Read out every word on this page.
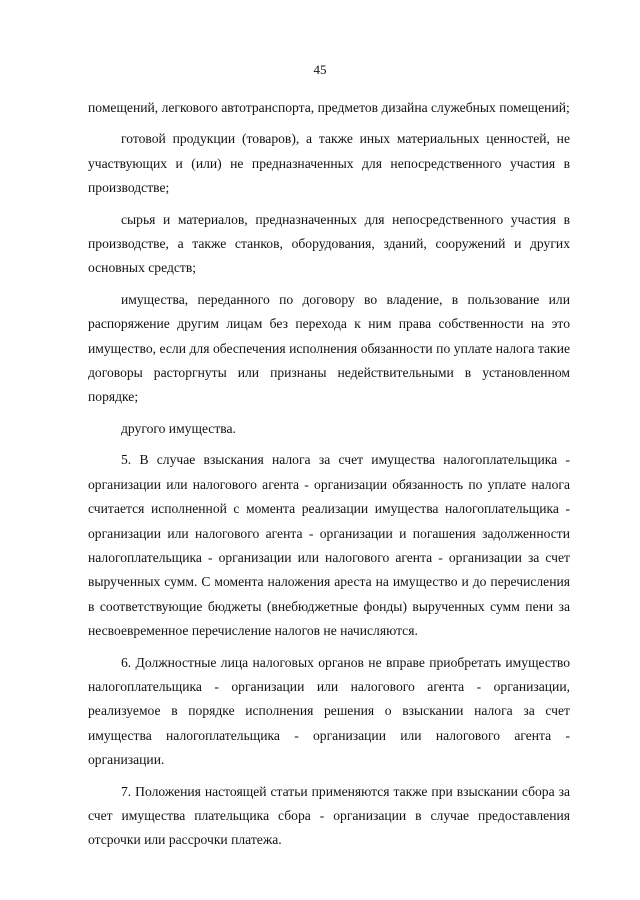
45

помещений, легкового автотранспорта, предметов дизайна служебных помещений;

готовой продукции (товаров), а также иных материальных ценностей, не участвующих и (или) не предназначенных для непосредственного участия в производстве;

сырья и материалов, предназначенных для непосредственного участия в производстве, а также станков, оборудования, зданий, сооружений и других основных средств;

имущества, переданного по договору во владение, в пользование или распоряжение другим лицам без перехода к ним права собственности на это имущество, если для обеспечения исполнения обязанности по уплате налога такие договоры расторгнуты или признаны недействительными в установленном порядке;

другого имущества.

5. В случае взыскания налога за счет имущества налогоплательщика - организации или налогового агента - организации обязанность по уплате налога считается исполненной с момента реализации имущества налогоплательщика - организации или налогового агента - организации и погашения задолженности налогоплательщика - организации или налогового агента - организации за счет вырученных сумм. С момента наложения ареста на имущество и до перечисления в соответствующие бюджеты (внебюджетные фонды) вырученных сумм пени за несвоевременное перечисление налогов не начисляются.

6. Должностные лица налоговых органов не вправе приобретать имущество налогоплательщика - организации или налогового агента - организации, реализуемое в порядке исполнения решения о взыскании налога за счет имущества налогоплательщика - организации или налогового агента - организации.

7. Положения настоящей статьи применяются также при взыскании сбора за счет имущества плательщика сбора - организации в случае предоставления отсрочки или рассрочки платежа.
